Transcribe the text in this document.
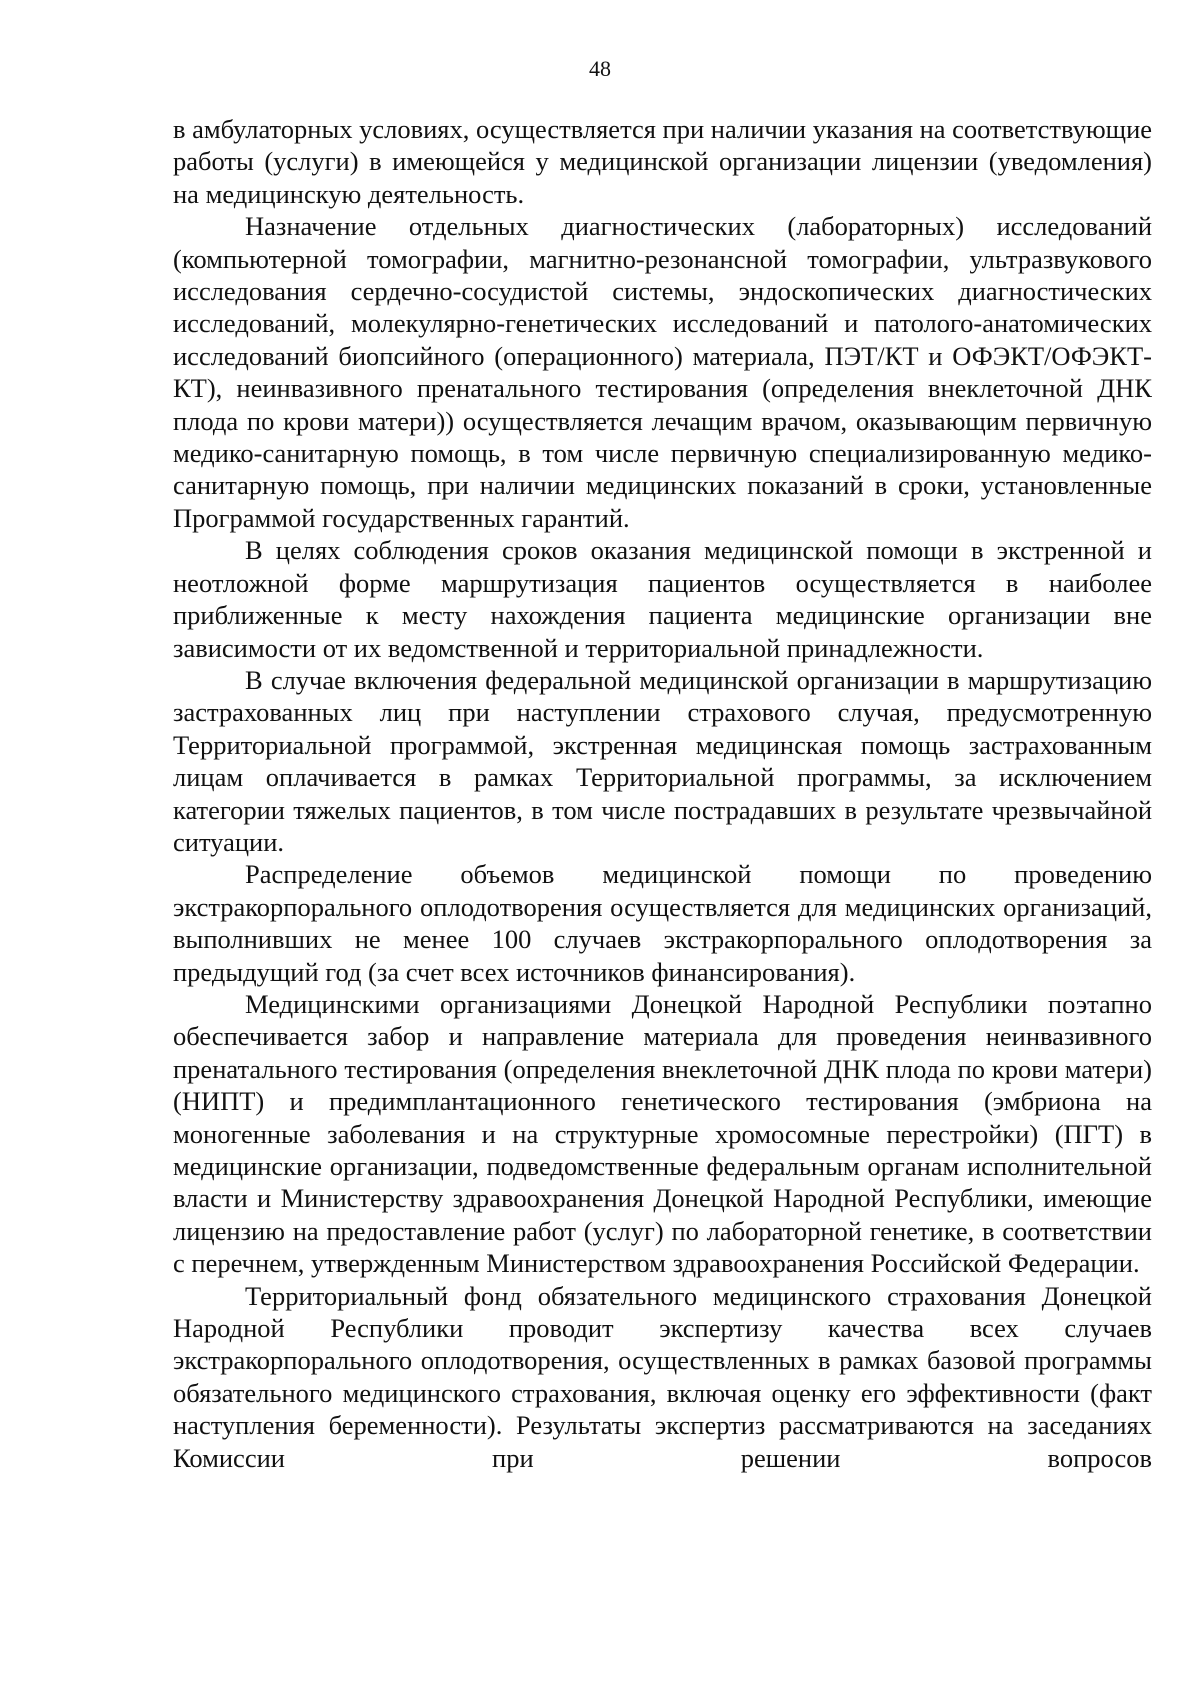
48

в амбулаторных условиях, осуществляется при наличии указания на соответствующие работы (услуги) в имеющейся у медицинской организации лицензии (уведомления) на медицинскую деятельность.

Назначение отдельных диагностических (лабораторных) исследований (компьютерной томографии, магнитно-резонансной томографии, ультразвукового исследования сердечно-сосудистой системы, эндоскопических диагностических исследований, молекулярно-генетических исследований и патолого-анатомических исследований биопсийного (операционного) материала, ПЭТ/КТ и ОФЭКТ/ОФЭКТ-КТ), неинвазивного пренатального тестирования (определения внеклеточной ДНК плода по крови матери)) осуществляется лечащим врачом, оказывающим первичную медико-санитарную помощь, в том числе первичную специализированную медико-санитарную помощь, при наличии медицинских показаний в сроки, установленные Программой государственных гарантий.

В целях соблюдения сроков оказания медицинской помощи в экстренной и неотложной форме маршрутизация пациентов осуществляется в наиболее приближенные к месту нахождения пациента медицинские организации вне зависимости от их ведомственной и территориальной принадлежности.

В случае включения федеральной медицинской организации в маршрутизацию застрахованных лиц при наступлении страхового случая, предусмотренную Территориальной программой, экстренная медицинская помощь застрахованным лицам оплачивается в рамках Территориальной программы, за исключением категории тяжелых пациентов, в том числе пострадавших в результате чрезвычайной ситуации.

Распределение объемов медицинской помощи по проведению экстракорпорального оплодотворения осуществляется для медицинских организаций, выполнивших не менее 100 случаев экстракорпорального оплодотворения за предыдущий год (за счет всех источников финансирования).

Медицинскими организациями Донецкой Народной Республики поэтапно обеспечивается забор и направление материала для проведения неинвазивного пренатального тестирования (определения внеклеточной ДНК плода по крови матери) (НИПТ) и предимплантационного генетического тестирования (эмбриона на моногенные заболевания и на структурные хромосомные перестройки) (ПГТ) в медицинские организации, подведомственные федеральным органам исполнительной власти и Министерству здравоохранения Донецкой Народной Республики, имеющие лицензию на предоставление работ (услуг) по лабораторной генетике, в соответствии с перечнем, утвержденным Министерством здравоохранения Российской Федерации.

Территориальный фонд обязательного медицинского страхования Донецкой Народной Республики проводит экспертизу качества всех случаев экстракорпорального оплодотворения, осуществленных в рамках базовой программы обязательного медицинского страхования, включая оценку его эффективности (факт наступления беременности). Результаты экспертиз рассматриваются на заседаниях Комиссии при решении вопросов
